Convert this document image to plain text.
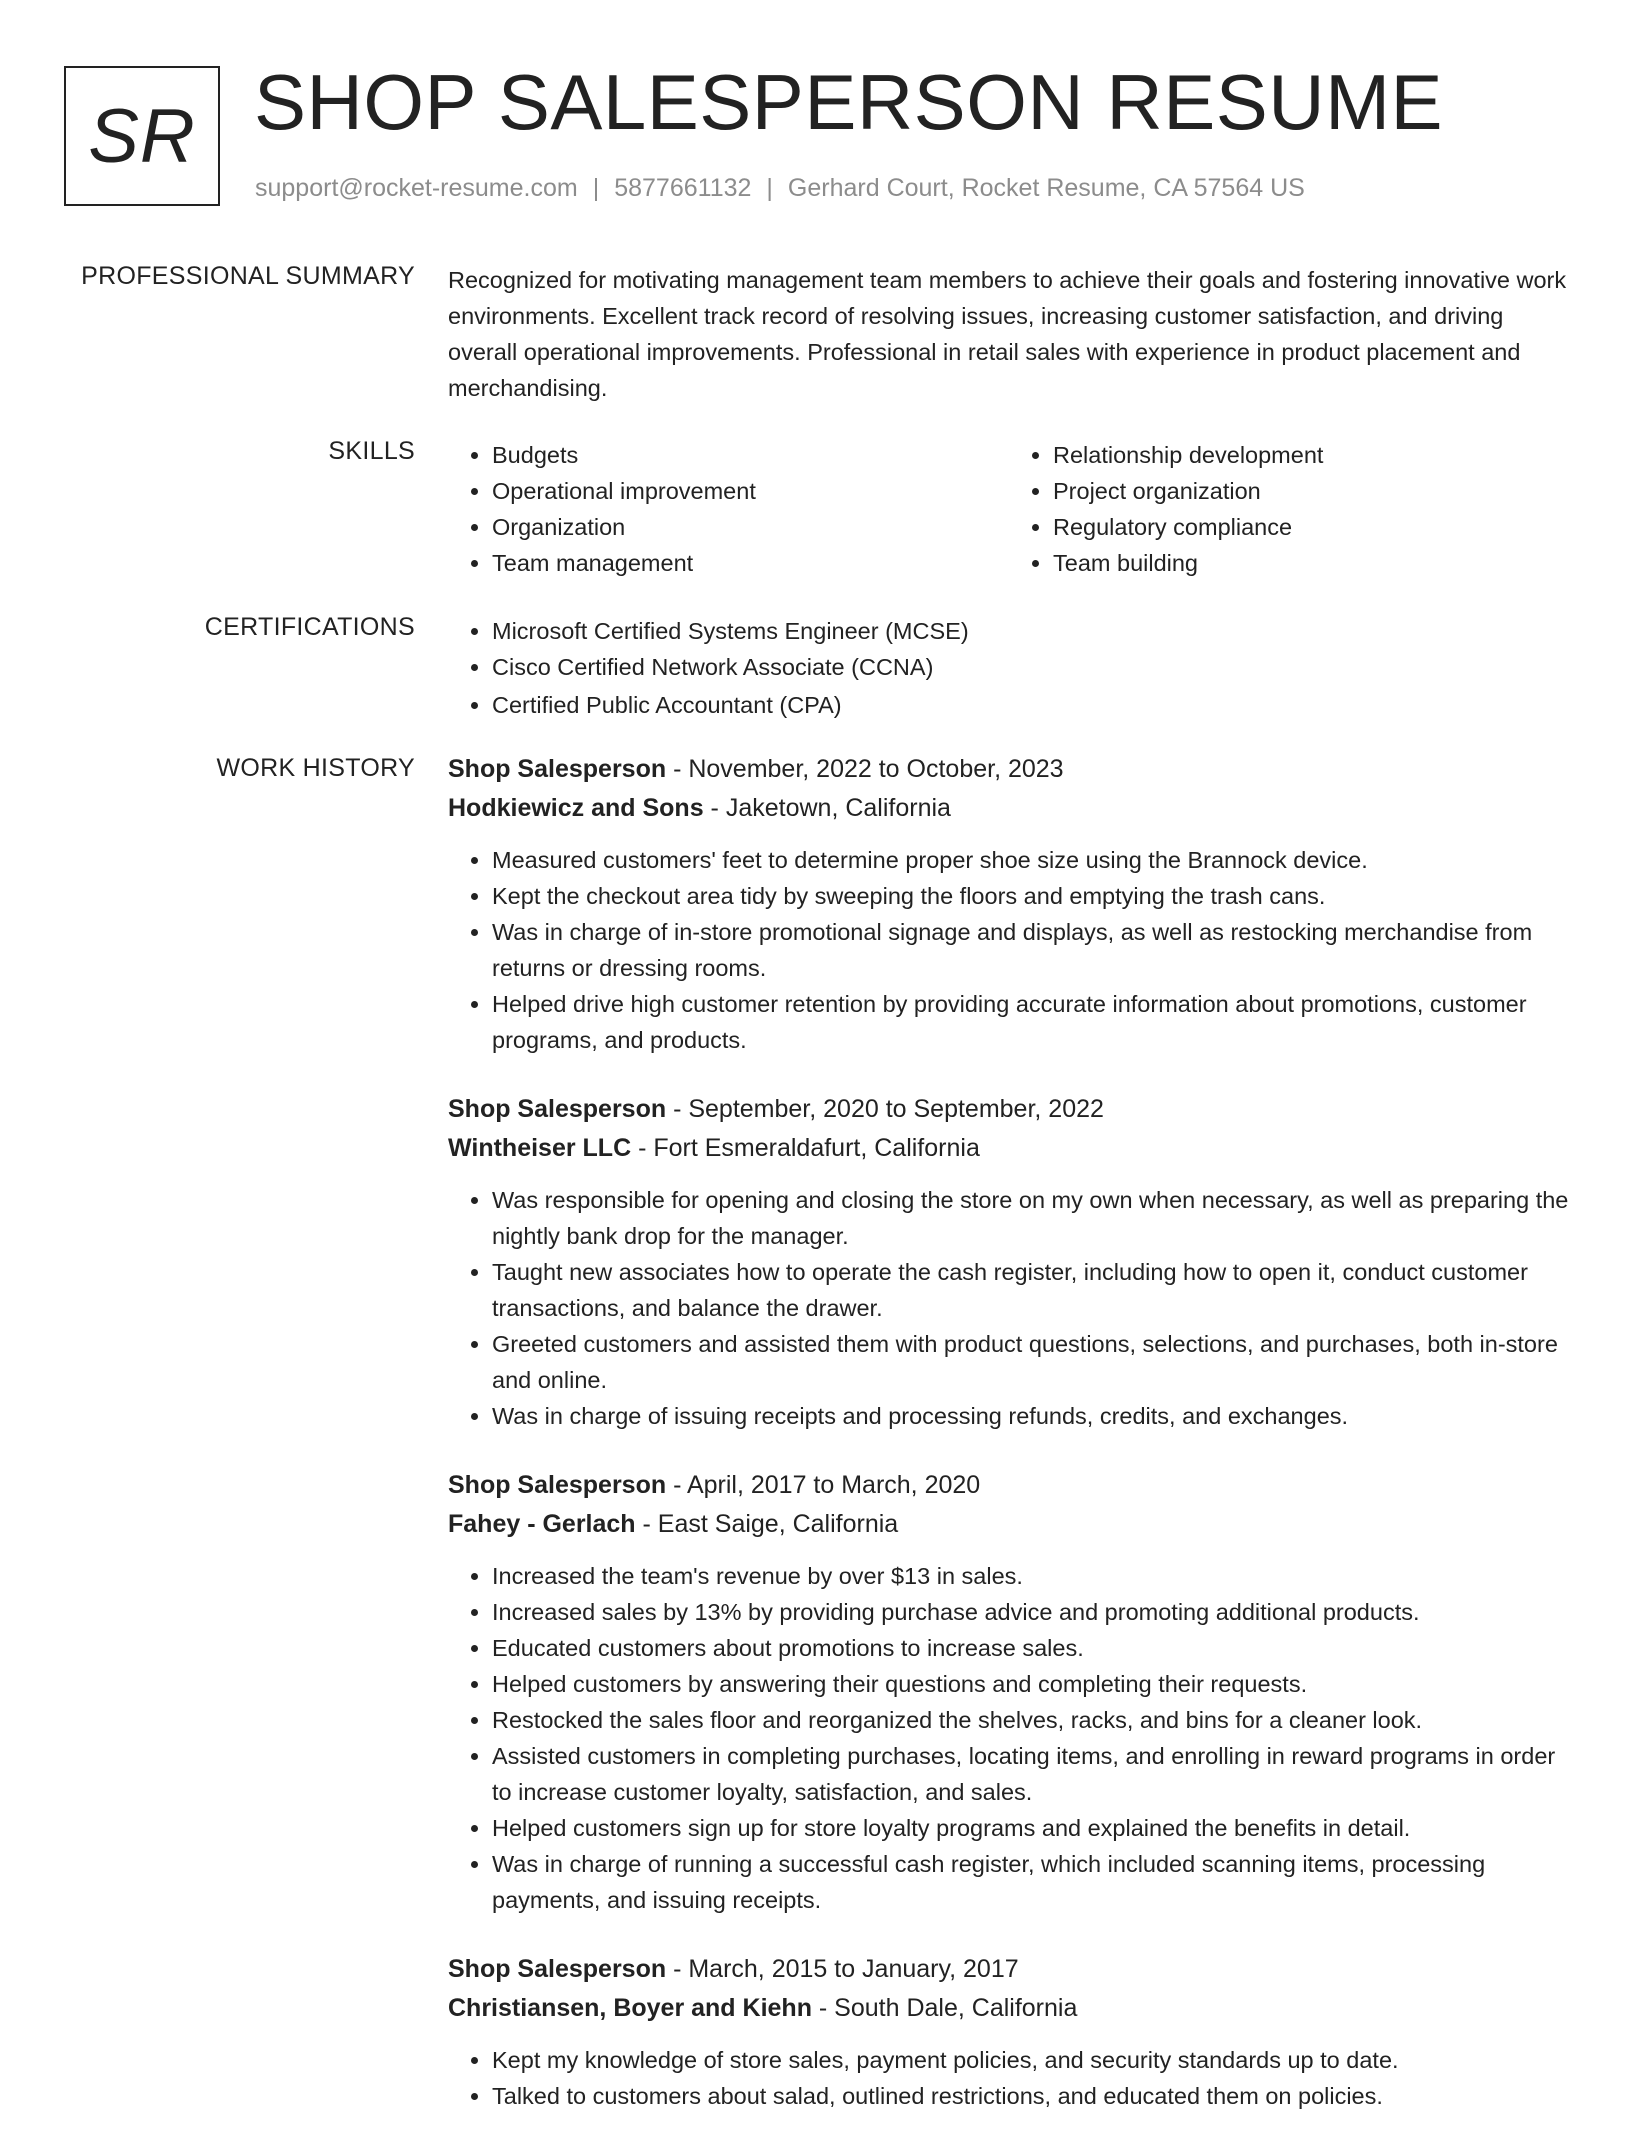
SR SHOP SALESPERSON RESUME
support@rocket-resume.com | 5877661132 | Gerhard Court, Rocket Resume, CA 57564 US
PROFESSIONAL SUMMARY Recognized for motivating management team members to achieve their goals and fostering innovative work environments. Excellent track record of resolving issues, increasing customer satisfaction, and driving overall operational improvements. Professional in retail sales with experience in product placement and merchandising.

SKILLS	• Budgets
• Operational improvement
• Organization
• Team management
• Relationship development
• Project organization
• Regulatory compliance
• Team building
CERTIFICATIONS	• Microsoft Certified Systems Engineer (MCSE)
• Cisco Certified Network Associate (CCNA)
• Certified Public Accountant (CPA)
WORK HISTORY Shop Salesperson - November, 2022 to October, 2023
Hodkiewicz and Sons - Jaketown, California
• Measured customers' feet to determine proper shoe size using the Brannock device.
• Kept the checkout area tidy by sweeping the floors and emptying the trash cans.
• Was in charge of in-store promotional signage and displays, as well as restocking merchandise from returns or dressing rooms.
• Helped drive high customer retention by providing accurate information about promotions, customer programs, and products.
Shop Salesperson - September, 2020 to September, 2022
Wintheiser LLC - Fort Esmeraldafurt, California
• Was responsible for opening and closing the store on my own when necessary, as well as preparing the nightly bank drop for the manager.
• Taught new associates how to operate the cash register, including how to open it, conduct customer transactions, and balance the drawer.
• Greeted customers and assisted them with product questions, selections, and purchases, both in-store and online.
• Was in charge of issuing receipts and processing refunds, credits, and exchanges.
Shop Salesperson - April, 2017 to March, 2020
Fahey - Gerlach - East Saige, California
• Increased the team's revenue by over $13 in sales.
• Increased sales by 13% by providing purchase advice and promoting additional products.
• Educated customers about promotions to increase sales.
• Helped customers by answering their questions and completing their requests.
• Restocked the sales floor and reorganized the shelves, racks, and bins for a cleaner look.
• Assisted customers in completing purchases, locating items, and enrolling in reward programs in order to increase customer loyalty, satisfaction, and sales.
• Helped customers sign up for store loyalty programs and explained the benefits in detail.
• Was in charge of running a successful cash register, which included scanning items, processing payments, and issuing receipts.
Shop Salesperson - March, 2015 to January, 2017
Christiansen, Boyer and Kiehn - South Dale, California
• Kept my knowledge of store sales, payment policies, and security standards up to date.
• Talked to customers about salad, outlined restrictions, and educated them on policies.
